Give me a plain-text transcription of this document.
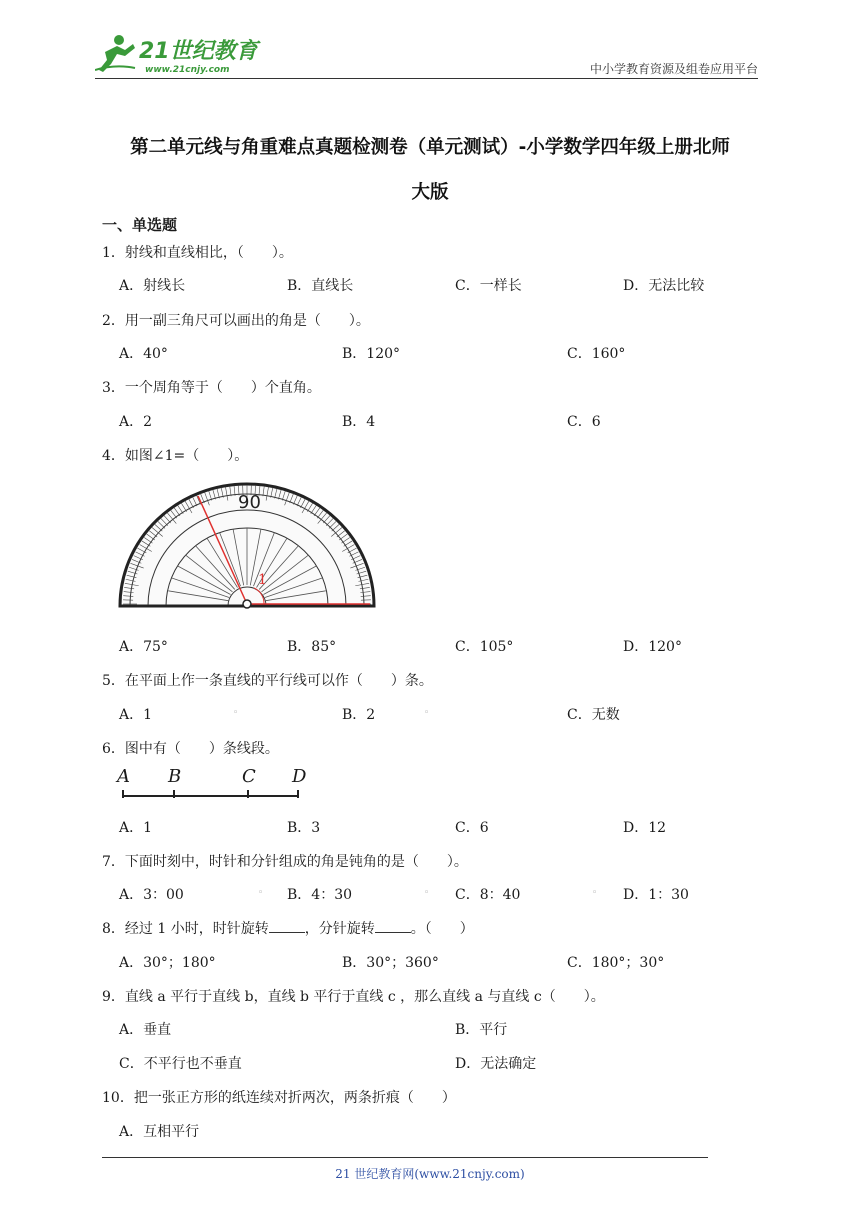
21世纪教育
www.21cnjy.com	中小学教育资源及组卷应用平台
第二单元线与角重难点真题检测卷（单元测试）-小学数学四年级上册北师
大版
一、单选题
1．射线和直线相比，（　　）。
A．射线长	B．直线长	C．一样长	D．无法比较
2．用一副三角尺可以画出的角是（　　）。
A．40°	B．120°	C．160°
3．一个周角等于（　　）个直角。
A．2	B．4	C．6
4．如图∠1=（　　）。
1
90
A．75°	B．85°	C．105°	D．120°
5．在平面上作一条直线的平行线可以作（　　）条。
A．1	◦	B．2	◦	C．无数
6．图中有（　　）条线段。
A B	C D
A．1	B．3	C．6	D．12
7．下面时刻中，时针和分针组成的角是钝角的是（　　）。
A．3：00	◦ B．4：30	◦ C．8：40	◦ D．1：30
8．经过 1 小时，时针旋转	，分针旋转	。（　　）
A．30°；180°	B．30°；360°	C．180°；30°
9．直线 a 平行于直线 b，直线 b 平行于直线 c ，那么直线 a 与直线 c（　　）。
A．垂直	B．平行
C．不平行也不垂直	D．无法确定
10．把一张正方形的纸连续对折两次，两条折痕（　　）
A．互相平行
21 世纪教育网(www.21cnjy.com)
